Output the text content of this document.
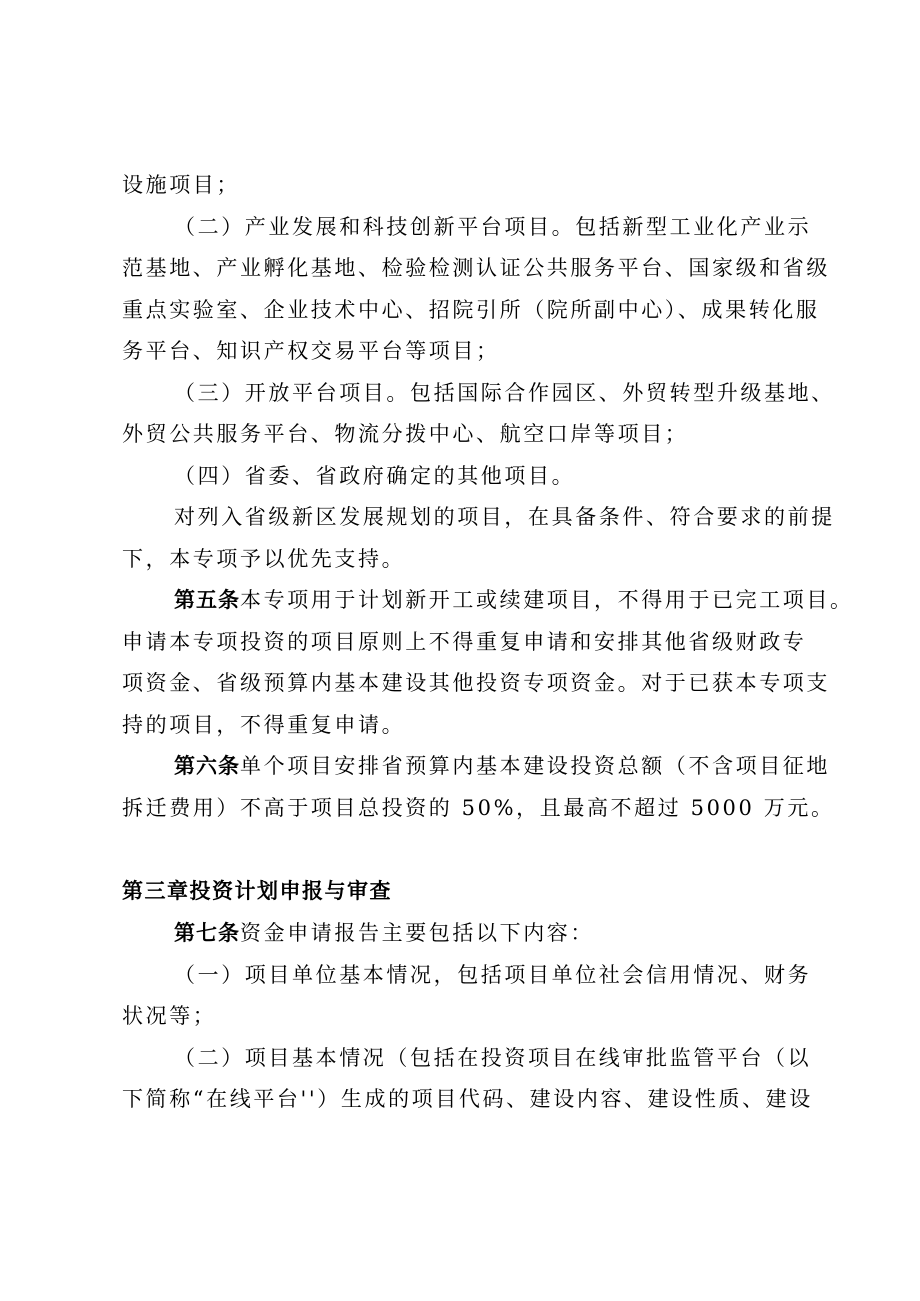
设施项目；
（二）产业发展和科技创新平台项目。包括新型工业化产业示
范基地、产业孵化基地、检验检测认证公共服务平台、国家级和省级
重点实验室、企业技术中心、招院引所（院所副中心）、成果转化服
务平台、知识产权交易平台等项目；
（三）开放平台项目。包括国际合作园区、外贸转型升级基地、
外贸公共服务平台、物流分拨中心、航空口岸等项目；
（四）省委、省政府确定的其他项目。
对列入省级新区发展规划的项目，在具备条件、符合要求的前提
下，本专项予以优先支持。
第五条本专项用于计划新开工或续建项目，不得用于已完工项目。
申请本专项投资的项目原则上不得重复申请和安排其他省级财政专
项资金、省级预算内基本建设其他投资专项资金。对于已获本专项支
持的项目，不得重复申请。
第六条单个项目安排省预算内基本建设投资总额（不含项目征地
拆迁费用）不高于项目总投资的 50%，且最高不超过 5000 万元。
第三章投资计划申报与审查
第七条资金申请报告主要包括以下内容：
（一）项目单位基本情况，包括项目单位社会信用情况、财务
状况等；
（二）项目基本情况（包括在投资项目在线审批监管平台（以
下简称“在线平台''）生成的项目代码、建设内容、建设性质、建设
